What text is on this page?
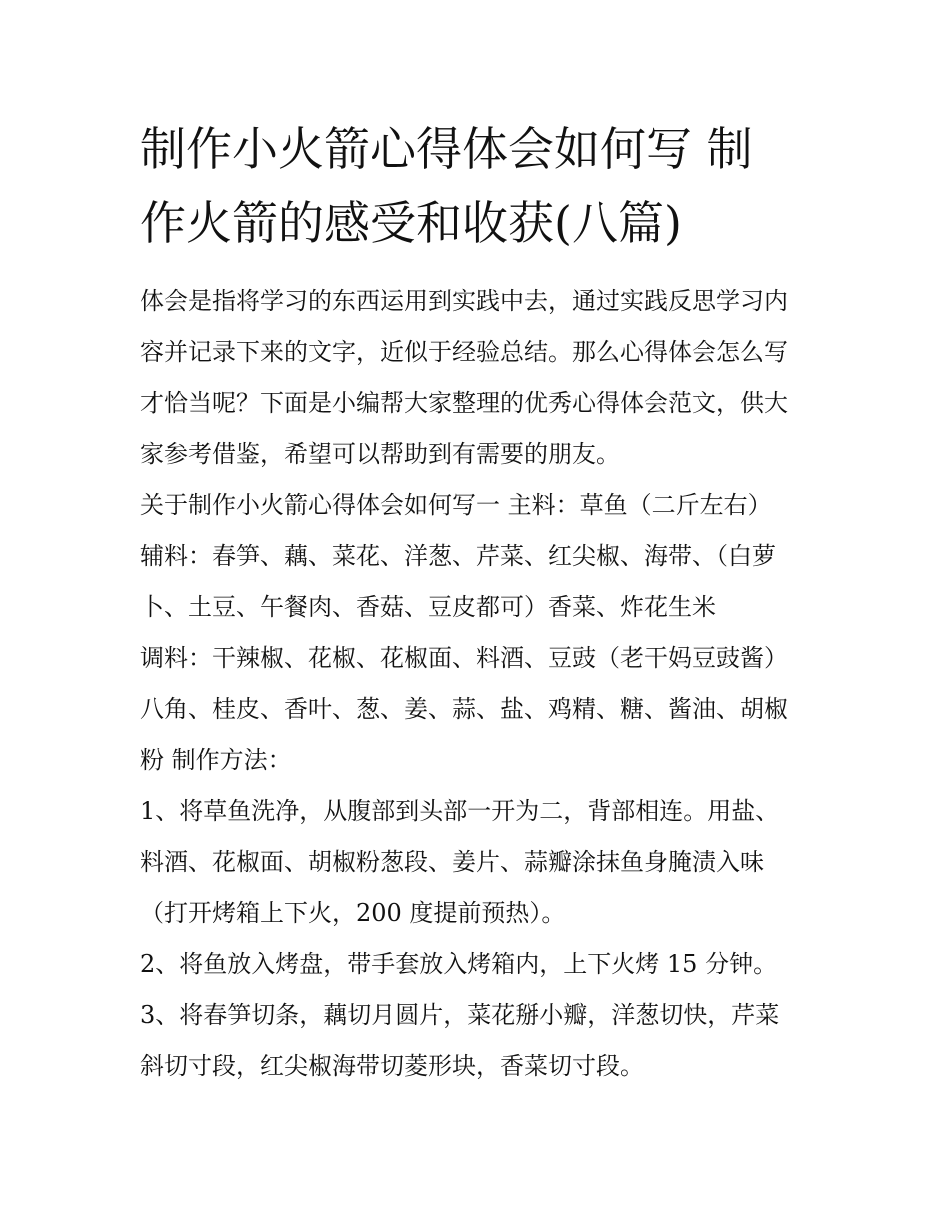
制作小火箭心得体会如何写 制
作火箭的感受和收获(八篇)
体会是指将学习的东西运用到实践中去，通过实践反思学习内
容并记录下来的文字，近似于经验总结。那么心得体会怎么写
才恰当呢？下面是小编帮大家整理的优秀心得体会范文，供大
家参考借鉴，希望可以帮助到有需要的朋友。
关于制作小火箭心得体会如何写一 主料：草鱼（二斤左右）
辅料：春笋、藕、菜花、洋葱、芹菜、红尖椒、海带、（白萝
卜、土豆、午餐肉、香菇、豆皮都可）香菜、炸花生米
调料：干辣椒、花椒、花椒面、料酒、豆豉（老干妈豆豉酱）
八角、桂皮、香叶、葱、姜、蒜、盐、鸡精、糖、酱油、胡椒
粉 制作方法：
1、将草鱼洗净，从腹部到头部一开为二，背部相连。用盐、
料酒、花椒面、胡椒粉葱段、姜片、蒜瓣涂抹鱼身腌渍入味
（打开烤箱上下火，200 度提前预热）。
2、将鱼放入烤盘，带手套放入烤箱内，上下火烤 15 分钟。
3、将春笋切条，藕切月圆片，菜花掰小瓣，洋葱切快，芹菜
斜切寸段，红尖椒海带切菱形块，香菜切寸段。
